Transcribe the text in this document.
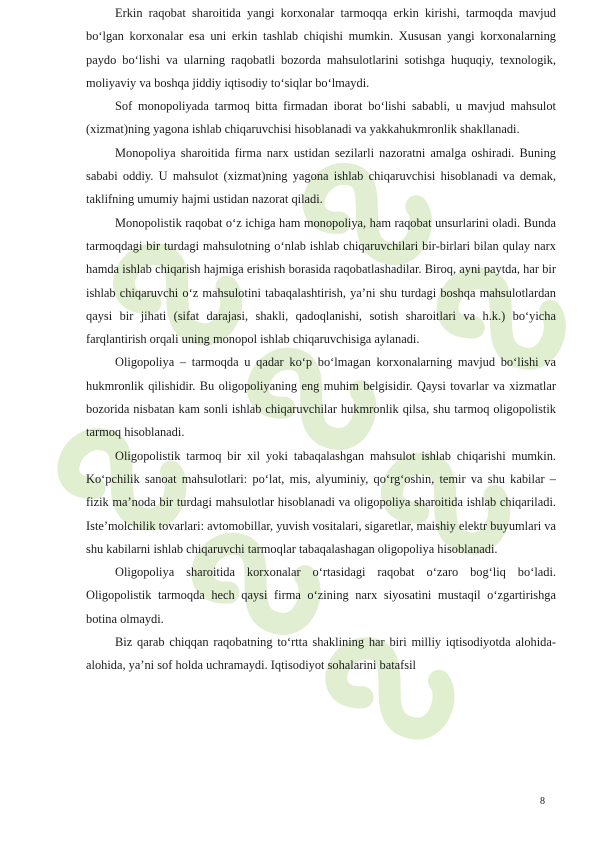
Erkin raqobat sharoitida yangi korxonalar tarmoqqa erkin kirishi, tarmoqda mavjud boʻlgan korxonalar esa uni erkin tashlab chiqishi mumkin. Xususan yangi korxonalarning paydo boʻlishi va ularning raqobatli bozorda mahsulotlarini sotishga huquqiy, texnologik, moliyaviy va boshqa jiddiy iqtisodiy toʻsiqlar boʻlmaydi.

Sof monopoliyada tarmoq bitta firmadan iborat boʻlishi sababli, u mavjud mahsulot (xizmat)ning yagona ishlab chiqaruvchisi hisoblanadi va yakkahukmronlik shakllanadi.

Monopoliya sharoitida firma narx ustidan sezilarli nazoratni amalga oshiradi. Buning sababi oddiy. U mahsulot (xizmat)ning yagona ishlab chiqaruvchisi hisoblanadi va demak, taklifning umumiy hajmi ustidan nazorat qiladi.

Monopolistik raqobat oʻz ichiga ham monopoliya, ham raqobat unsurlarini oladi. Bunda tarmoqdagi bir turdagi mahsulotning oʻnlab ishlab chiqaruvchilari bir-birlari bilan qulay narx hamda ishlab chiqarish hajmiga erishish borasida raqobatlashadilar. Biroq, ayni paytda, har bir ishlab chiqaruvchi oʻz mahsulotini tabaqalashtirish, yaʼni shu turdagi boshqa mahsulotlardan qaysi bir jihati (sifat darajasi, shakli, qadoqlanishi, sotish sharoitlari va h.k.) boʻyicha farqlantirish orqali uning monopol ishlab chiqaruvchisiga aylanadi.

Oligopoliya – tarmoqda u qadar koʻp boʻlmagan korxonalarning mavjud boʻlishi va hukmronlik qilishidir. Bu oligopoliyaning eng muhim belgisidir. Qaysi tovarlar va xizmatlar bozorida nisbatan kam sonli ishlab chiqaruvchilar hukmronlik qilsa, shu tarmoq oligopolistik tarmoq hisoblanadi.

Oligopolistik tarmoq bir xil yoki tabaqalashgan mahsulot ishlab chiqarishi mumkin. Koʻpchilik sanoat mahsulotlari: poʻlat, mis, alyuminiy, qoʻrgʻoshin, temir va shu kabilar – fizik maʼnoda bir turdagi mahsulotlar hisoblanadi va oligopoliya sharoitida ishlab chiqariladi. Isteʼmolchilik tovarlari: avtomobillar, yuvish vositalari, sigaretlar, maishiy elektr buyumlari va shu kabilarni ishlab chiqaruvchi tarmoqlar tabaqalashagan oligopoliya hisoblanadi.

Oligopoliya sharoitida korxonalar oʻrtasidagi raqobat oʻzaro bogʻliq boʻladi. Oligopolistik tarmoqda hech qaysi firma oʻzining narx siyosatini mustaqil oʻzgartirishga botina olmaydi.

Biz qarab chiqqan raqobatning toʻrtta shaklining har biri milliy iqtisodiyotda alohida-alohida, yaʼni sof holda uchramaydi. Iqtisodiyot sohalarini batafsil

8
